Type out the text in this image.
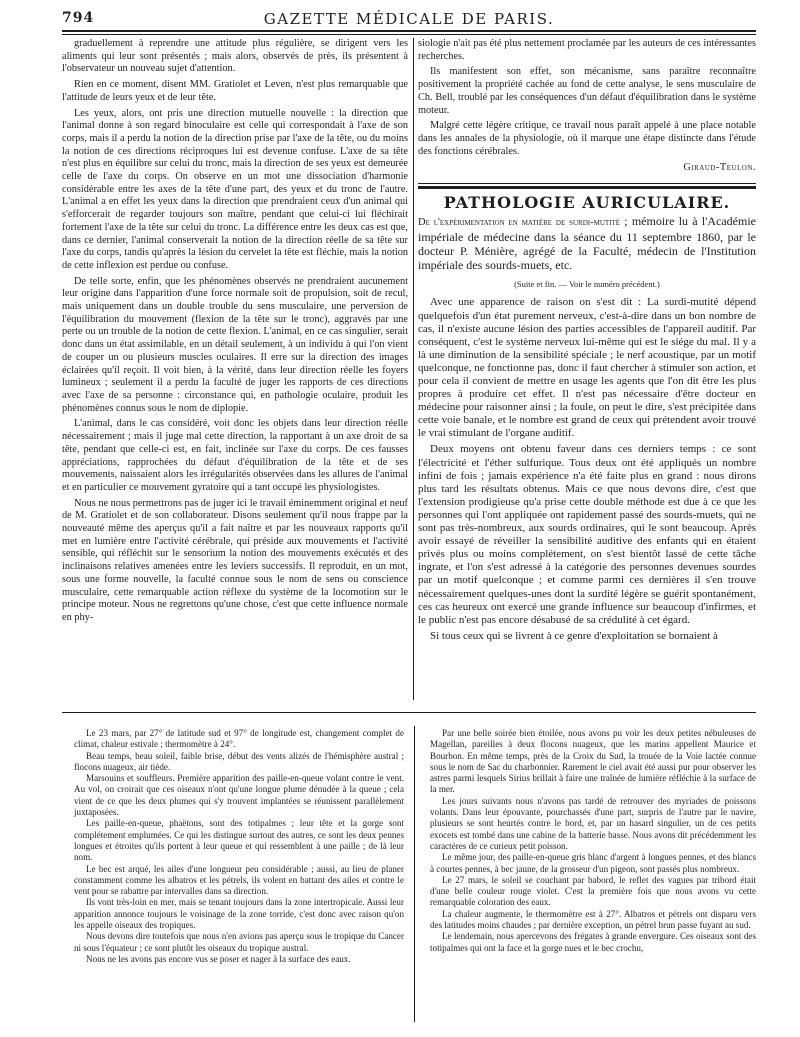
794	GAZETTE MÉDICALE DE PARIS.

graduellement à reprendre une attitude plus régulière, se dirigent vers les aliments qui leur sont présentés ; mais alors, observés de près, ils présentent à l'observateur un nouveau sujet d'attention.

Rien en ce moment, disent MM. Gratiolet et Leven, n'est plus remarquable que l'attitude de leurs yeux et de leur tête.

Les yeux, alors, ont pris une direction mutuelle nouvelle : la direction que l'animal donne à son regard binoculaire est celle qui correspondait à l'axe de son corps, mais il a perdu la notion de la direction prise par l'axe de la tête, ou du moins la notion de ces directions réciproques lui est devenue confuse. L'axe de sa tête n'est plus en équilibre sur celui du tronc, mais la direction de ses yeux est demeurée celle de l'axe du corps. On observe en un mot une dissociation d'harmonie considérable entre les axes de la tête d'une part, des yeux et du tronc de l'autre. L'animal a en effet les yeux dans la direction que prendraient ceux d'un animal qui s'efforcerait de regarder toujours son maître, pendant que celui-ci lui fléchirait fortement l'axe de la tête sur celui du tronc. La différence entre les deux cas est que, dans ce dernier, l'animal conserverait la notion de la direction réelle de sa tête sur l'axe du corps, tandis qu'après la lésion du cervelet la tête est fléchie, mais la notion de cette inflexion est perdue ou confuse.

De telle sorte, enfin, que les phénomènes observés ne prendraient aucunement leur origine dans l'apparition d'une force normale soit de propulsion, soit de recul, mais uniquement dans un double trouble du sens musculaire, une perversion de l'équilibration du mouvement (flexion de la tête sur le tronc), aggravés par une perte ou un trouble de la notion de cette flexion. L'animal, en ce cas singulier, serait donc dans un état assimilable, en un détail seulement, à un individu à qui l'on vient de couper un ou plusieurs muscles oculaires. Il erre sur la direction des images éclairées qu'il reçoit. Il voit bien, à la vérité, dans leur direction réelle les foyers lumineux ; seulement il a perdu la faculté de juger les rapports de ces directions avec l'axe de sa personne : circonstance qui, en pathologie oculaire, produit les phénomènes connus sous le nom de diplopie.

L'animal, dans le cas considéré, voit donc les objets dans leur direction réelle nécessairement ; mais il juge mal cette direction, la rapportant à un axe droit de sa tête, pendant que celle-ci est, en fait, inclinée sur l'axe du corps. De ces fausses appréciations, rapprochées du défaut d'équilibration de la tête et de ses mouvements, naissaient alors les irrégularités observées dans les allures de l'animal et en particulier ce mouvement gyratoire qui a tant occupé les physiologistes.

Nous ne nous permettrons pas de juger ici le travail éminemment original et neuf de M. Gratiolet et de son collaborateur. Disons seulement qu'il nous frappe par la nouveauté même des aperçus qu'il a fait naître et par les nouveaux rapports qu'il met en lumière entre l'activité cérébrale, qui préside aux mouvements et l'activité sensible, qui réfléchit sur le sensorium la notion des mouvements exécutés et des inclinaisons relatives amenées entre les leviers successifs. Il reproduit, en un mot, sous une forme nouvelle, la faculté connue sous le nom de sens ou conscience musculaire, cette remarquable action réflexe du système de la locomotion sur le principe moteur. Nous ne regrettons qu'une chose, c'est que cette influence normale en phy-

siologie n'ait pas été plus nettement proclamée par les auteurs de ces intéressantes recherches.

Ils manifestent son effet, son mécanisme, sans paraître reconnaître positivement la propriété cachée au fond de cette analyse, le sens musculaire de Ch. Bell, troublé par les conséquences d'un défaut d'équilibration dans le système moteur.

Malgré cette légère critique, ce travail nous paraît appelé à une place notable dans les annales de la physiologie, où il marque une étape distincte dans l'étude des fonctions cérébrales.

Giraud-Teulon.
PATHOLOGIE AURICULAIRE.
De l'expérimentation en matière de surdi-mutité ; mémoire lu à l'Académie impériale de médecine dans la séance du 11 septembre 1860, par le docteur P. Ménière, agrégé de la Faculté, médecin de l'Institution impériale des sourds-muets, etc.
(Suite et fin. — Voir le numéro précédent.)

Avec une apparence de raison on s'est dit : La surdi-mutité dépend quelquefois d'un état purement nerveux, c'est-à-dire dans un bon nombre de cas, il n'existe aucune lésion des parties accessibles de l'appareil auditif. Par conséquent, c'est le système nerveux lui-même qui est le siége du mal. Il y a là une diminution de la sensibilité spéciale ; le nerf acoustique, par un motif quelconque, ne fonctionne pas, donc il faut chercher à stimuler son action, et pour cela il convient de mettre en usage les agents que l'on dit être les plus propres à produire cet effet. Il n'est pas nécessaire d'être docteur en médecine pour raisonner ainsi ; la foule, on peut le dire, s'est précipitée dans cette voie banale, et le nombre est grand de ceux qui prétendent avoir trouvé le vrai stimulant de l'organe auditif.

Deux moyens ont obtenu faveur dans ces derniers temps : ce sont l'électricité et l'éther sulfurique. Tous deux ont été appliqués un nombre infini de fois ; jamais expérience n'a été faite plus en grand : nous dirons plus tard les résultats obtenus. Mais ce que nous devons dire, c'est que l'extension prodigieuse qu'a prise cette double méthode est due à ce que les personnes qui l'ont appliquée ont rapidement passé des sourds-muets, qui ne sont pas très-nombreux, aux sourds ordinaires, qui le sont beaucoup. Après avoir essayé de réveiller la sensibilité auditive des enfants qui en étaient privés plus ou moins complétement, on s'est bientôt lassé de cette tâche ingrate, et l'on s'est adressé à la catégorie des personnes devenues sourdes par un motif quelconque ; et comme parmi ces dernières il s'en trouve nécessairement quelques-unes dont la surdité légère se guérit spontanément, ces cas heureux ont exercé une grande influence sur beaucoup d'infirmes, et le public n'est pas encore désabusé de sa crédulité à cet égard.

Si tous ceux qui se livrent à ce genre d'exploitation se bornaient à

Le 23 mars, par 27° de latitude sud et 97° de longitude est, changement complet de climat, chaleur estivale ; thermomètre à 24°.

Beau temps, beau soleil, faible brise, début des vents alizés de l'hémisphère austral ; flocons nuageux, air tiède.

Marsouins et souffleurs. Première apparition des paille-en-queue volant contre le vent. Au vol, on croirait que ces oiseaux n'ont qu'une longue plume dénudée à la queue ; cela vient de ce que les deux plumes qui s'y trouvent implantées se réunissent parallèlement juxtaposées.

Les paille-en-queue, phaëtons, sont des totipalmes ; leur tête et la gorge sont complétement emplumées. Ce qui les distingue surtout des autres, ce sont les deux pennes longues et étroites qu'ils portent à leur queue et qui ressemblent à une paille ; de là leur nom.

Le bec est arqué, les ailes d'une longueur peu considérable ; aussi, au lieu de planer constamment comme les albatros et les pétrels, ils volent en battant des ailes et contre le vent pour se rabattre par intervalles dans sa direction.

Ils vont très-loin en mer, mais se tenant toujours dans la zone intertropicale. Aussi leur apparition annonce toujours le voisinage de la zone torride, c'est donc avec raison qu'on les appelle oiseaux des tropiques.

Nous devons dire toutefois que nous n'en avions pas aperçu sous le tropique du Cancer ni sous l'équateur ; ce sont plutôt les oiseaux du tropique austral.

Nous ne les avons pas encore vus se poser et nager à la surface des eaux.

Par une belle soirée bien étoilée, nous avons pu voir les deux petites nébuleuses de Magellan, pareilles à deux flocons nuageux, que les marins appellent Maurice et Bourbon. En même temps, près de la Croix du Sud, la trouée de la Voie lactée connue sous le nom de Sac du charbonnier. Rarement le ciel avait été aussi pur pour observer les astres parmi lesquels Sirius brillait à faire une traînée de lumière réfléchie à la surface de la mer.

Les jours suivants nous n'avons pas tardé de retrouver des myriades de poissons volants. Dans leur épouvante, pourchassés d'une part, surpris de l'autre par le navire, plusieurs se sont heurtés contre le bord, et, par un hasard singulier, un de ces petits exocets est tombé dans une cabine de la batterie basse. Nous avons dit précédemment les caractères de ce curieux petit poisson.

Le même jour, des paille-en-queue gris blanc d'argent à longues pennes, et des blancs à courtes pennes, à bec jaune, de la grosseur d'un pigeon, sont passés plus nombreux.

Le 27 mars, le soleil se couchant par babord, le reflet des vagues par tribord était d'une belle couleur rouge violet. C'est la première fois que nous avons vu cette remarquable coloration des eaux.

La chaleur augmente, le thermomètre est à 27°. Albatros et pétrels ont disparu vers des latitudes moins chaudes ; par dernière exception, un pétrel brun passe fuyant au sud.

Le lendemain, nous apercevons des frégates à grande envergure. Ces oiseaux sont des totipalmes qui ont la face et la gorge nues et le bec crochu,
